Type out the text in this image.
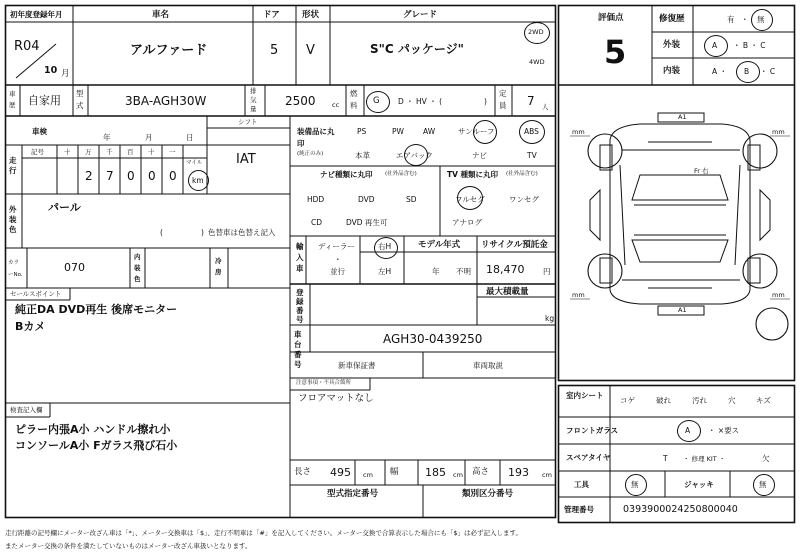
初年度登録年月	車名	ドア	形状	グレード
R04
10 月
アルファード	5 V	S"C パッケージ"
2WD
4WD
車歴 自家用
型式	3BA-AGH30W
排気量
2500	cc
燃料 G D ・ HV ・ (	)
定員 7 人
車検
年	月	日
シフト
IAT
走行
記号	十 万 千 百 十 一
2 7 0 0 0
マイル
km
外装色
パール
(	) 色替車は色替え記入
カラーNo.
070
内装色
冷房
セールスポイント
純正DA DVD再生 後席モニター
Bカメ
検査記入欄
ピラー内張A小 ハンドル擦れ小
コンソールA小 Fガラス飛び石小
装備品に丸印
(純正のみ)
PS	PW	AW	サンルーフ	ABS
本革	エアバック	ナビ	TV
ナビ種類に丸印 (社外品含む)
HDD	DVD	SD
CD	DVD 再生可
TV 種類に丸印 (社外品含む)
フルセグ	ワンセグ
アナログ
輸入車
ディーラー
・
並行
右H
左H
モデル年式
年 不明
リサイクル預託金
18,470 円
登録番号
最大積載量
kg
車台番号
AGH30-0439250
新車保証書	車両取説
注意事項・不具合箇所
フロアマットなし
長さ 495 cm 幅 185 cm 高さ 193 cm
型式指定番号	類別区分番号
評価点
5
修復歴	有 ・ 無
外装	A ・ B ・ C
内装	A ・ B ・ C
A1
A1
Fr 右
mm	mm
mm	mm
室内シート
コゲ	破れ	汚れ	穴	キズ
フロントガラス	A ・ ×要ス
スペアタイヤ	T ・ 修理 KIT ・	欠
工具	無	ジャッキ	無
管理番号	0393900024250800040
走行距離の記号欄にメーター改ざん車は「*」、メーター交換車は「$」、走行不明車は「#」を記入してください。メーター交換で合算表示した場合にも「$」は必ず記入します。
またメーター交換の条件を満たしていないものはメーター改ざん車扱いとなります。
